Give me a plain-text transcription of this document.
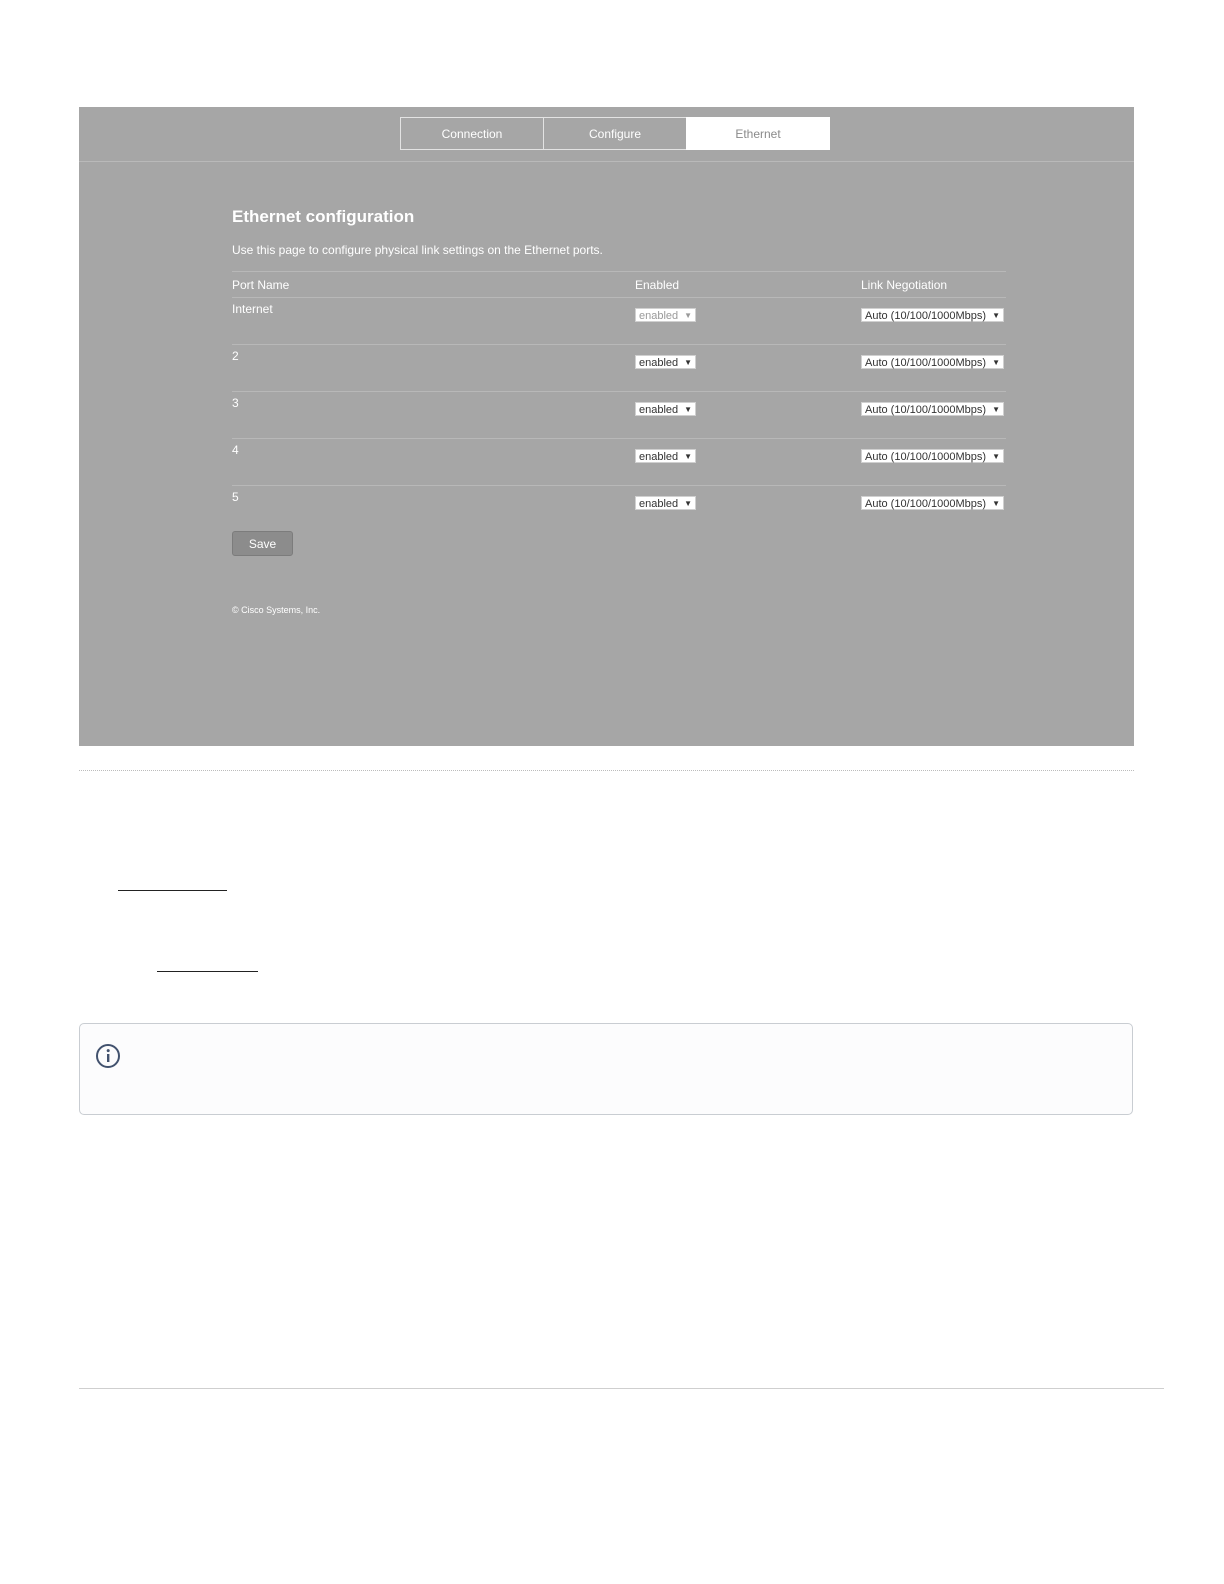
Connection	Configure	Ethernet
Ethernet configuration
Use this page to configure physical link settings on the Ethernet ports.
Port Name	Enabled	Link Negotiation
Internet	enabled ▼	Auto (10/100/1000Mbps) ▼
2	enabled ▼	Auto (10/100/1000Mbps) ▼
3	enabled ▼	Auto (10/100/1000Mbps) ▼
4	enabled ▼	Auto (10/100/1000Mbps) ▼
5	enabled ▼	Auto (10/100/1000Mbps) ▼
Save
© Cisco Systems, Inc.
